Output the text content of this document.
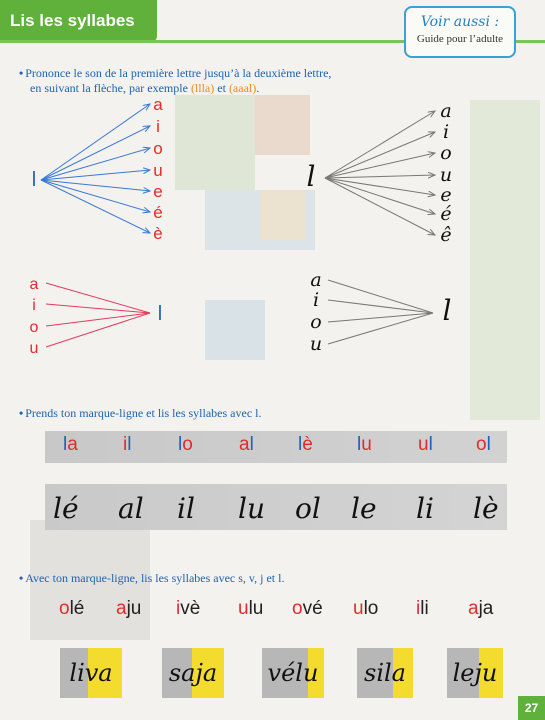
Lis les syllabes	Voir aussi :
Guide pour l’adulte
• Prononce le son de la première lettre jusqu’à la deuxième lettre,
en suivant la flèche, par exemple (llla) et (aaal).
l
a
i
o
u
e
é
è
l
a
i
o
u
e
é
ê
a
i
o
u
l
a
i
o
u
l
• Prends ton marque-ligne et lis les syllabes avec l.
la il lo al lè lu ul ol
lé al il lu ol le li lè
• Avec ton marque-ligne, lis les syllabes avec s, v, j et l.
olé aju ivè ulu ové ulo ili aja
liva saja vélu sila leju
27
